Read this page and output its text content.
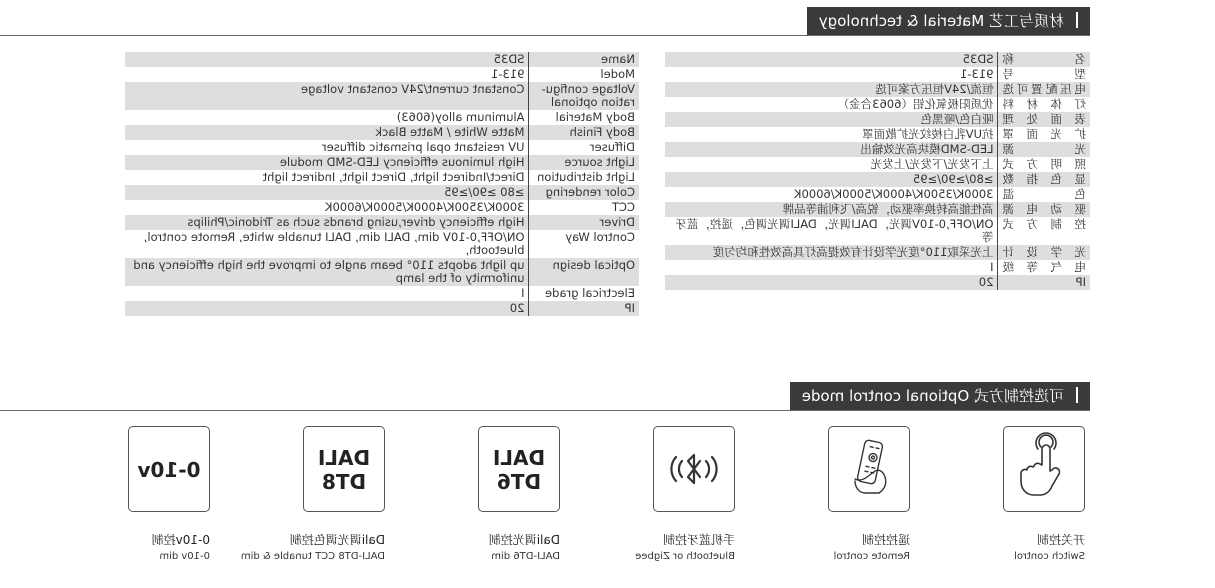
材质与工艺 Material & technology
名 称	SD35
型号	913-1
电压配置可选	恒流/24V恒压方案可选
灯 体 材 料	优质阳极氧化铝（6063合金）
表 面 处 理	哑白色/哑黑色
扩 光 面 罩	抗UV乳白棱纹光扩散面罩
光 源	LED-SMD模块高光效输出
照明方式	上下发光/下发光/上发光
显 色 指 数	≥80/≥90/≥95
色 温	3000K/3500K/4000K/5000K/6000K
驱 动 电 源	高性能高转换率驱动，锐高/飞利浦等品牌
控制方式	ON/OFF,0-10V调光，DALI调光，DALI调光调色，遥控，蓝牙等
光学设计	上光采取110°度光学设计有效提高灯具高效性和均匀度
电 气 等 级	I
IP	20
Name	SD35
Model	913-1
Voltage configu-ration optional	Constant current/24V constant voltage
Body Material	Aluminum alloy(6063)
Body Finish	Matte White / Matte Black
Diffuser	UV resistant opal prismatic diffuser
Light source	High luminous efficiency LED-SMD module
Light distribution	Direct/Indirect light, Direct light, Indirect light
Color rendering	≥80 ≥90/≥95
CCT	3000K/3500K/4000K/5000K/6000K
Driver	High efficiency driver,using brands such as Tridonic/Philips
Control Way	ON/OFF,0-10V dim, DALI dim, DALI tunable white, Remote control, bluetooth,
Optical design	up light adopts 110° beam angle to improve the high efficiency and uniformity of the lamp
Electrical grade	I
IP	20
可选控制方式 Optional control mode
开关控制
Switch control
遥控控制
Remote control
手机蓝牙控制
Bluetooth or Zigbee
DALI
DT6
Dali调光控制
DALI-DT6 dim
DALI
DT8
Dali调光调色控制
DALI-DT8 CCT tunable & dim
0-10v
0-10v控制
0-10v dim
